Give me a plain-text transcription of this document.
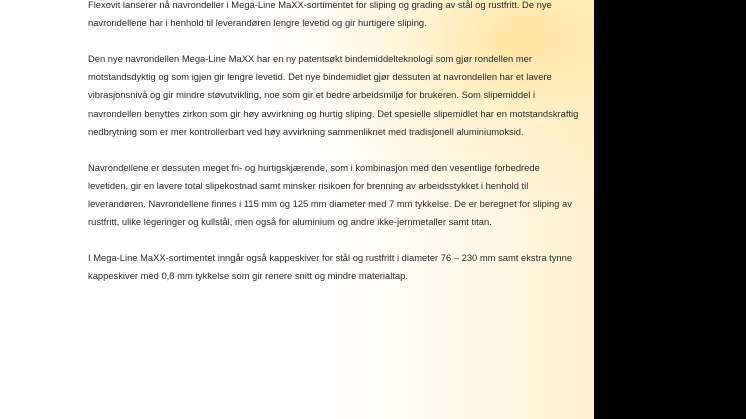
Flexovit lanserer nå navrondeller i Mega-Line MaXX-sortimentet for sliping og grading av stål og rustfritt. De nye navrondellene har i henhold til leverandøren lengre levetid og gir hurtigere sliping.

Den nye navrondellen Mega-Line MaXX har en ny patentsøkt bindemiddelteknologi som gjør rondellen mer motstandsdyktig og som igjen gir lengre levetid. Det nye bindemidlet gjør dessuten at navrondellen har et lavere vibrasjonsnivå og gir mindre støvutvikling, noe som gir et bedre arbeidsmiljø for brukeren. Som slipemiddel i navrondellen benyttes zirkon som gir høy avvirkning og hurtig sliping. Det spesielle slipemidlet har en motstandskraftig nedbrytning som er mer kontrollerbart ved høy avvirkning sammenliknet med tradisjonell aluminiumoksid.

Navrondellene er dessuten meget fri- og hurtigskjærende, som i kombinasjon med den vesentlige forbedrede levetiden, gir en lavere total slipekostnad samt minsker risikoen for brenning av arbeidsstykket i henhold til leverandøren. Navrondellene finnes i 115 mm og 125 mm diameter med 7 mm tykkelse. De er beregnet for sliping av rustfritt, ulike legeringer og kullstål, men også for aluminium og andre ikke-jernmetaller samt titan.

I Mega-Line MaXX-sortimentet inngår også kappeskiver for stål og rustfritt i diameter 76 – 230 mm samt ekstra tynne kappeskiver med 0,8 mm tykkelse som gir renere snitt og mindre materialtap.
